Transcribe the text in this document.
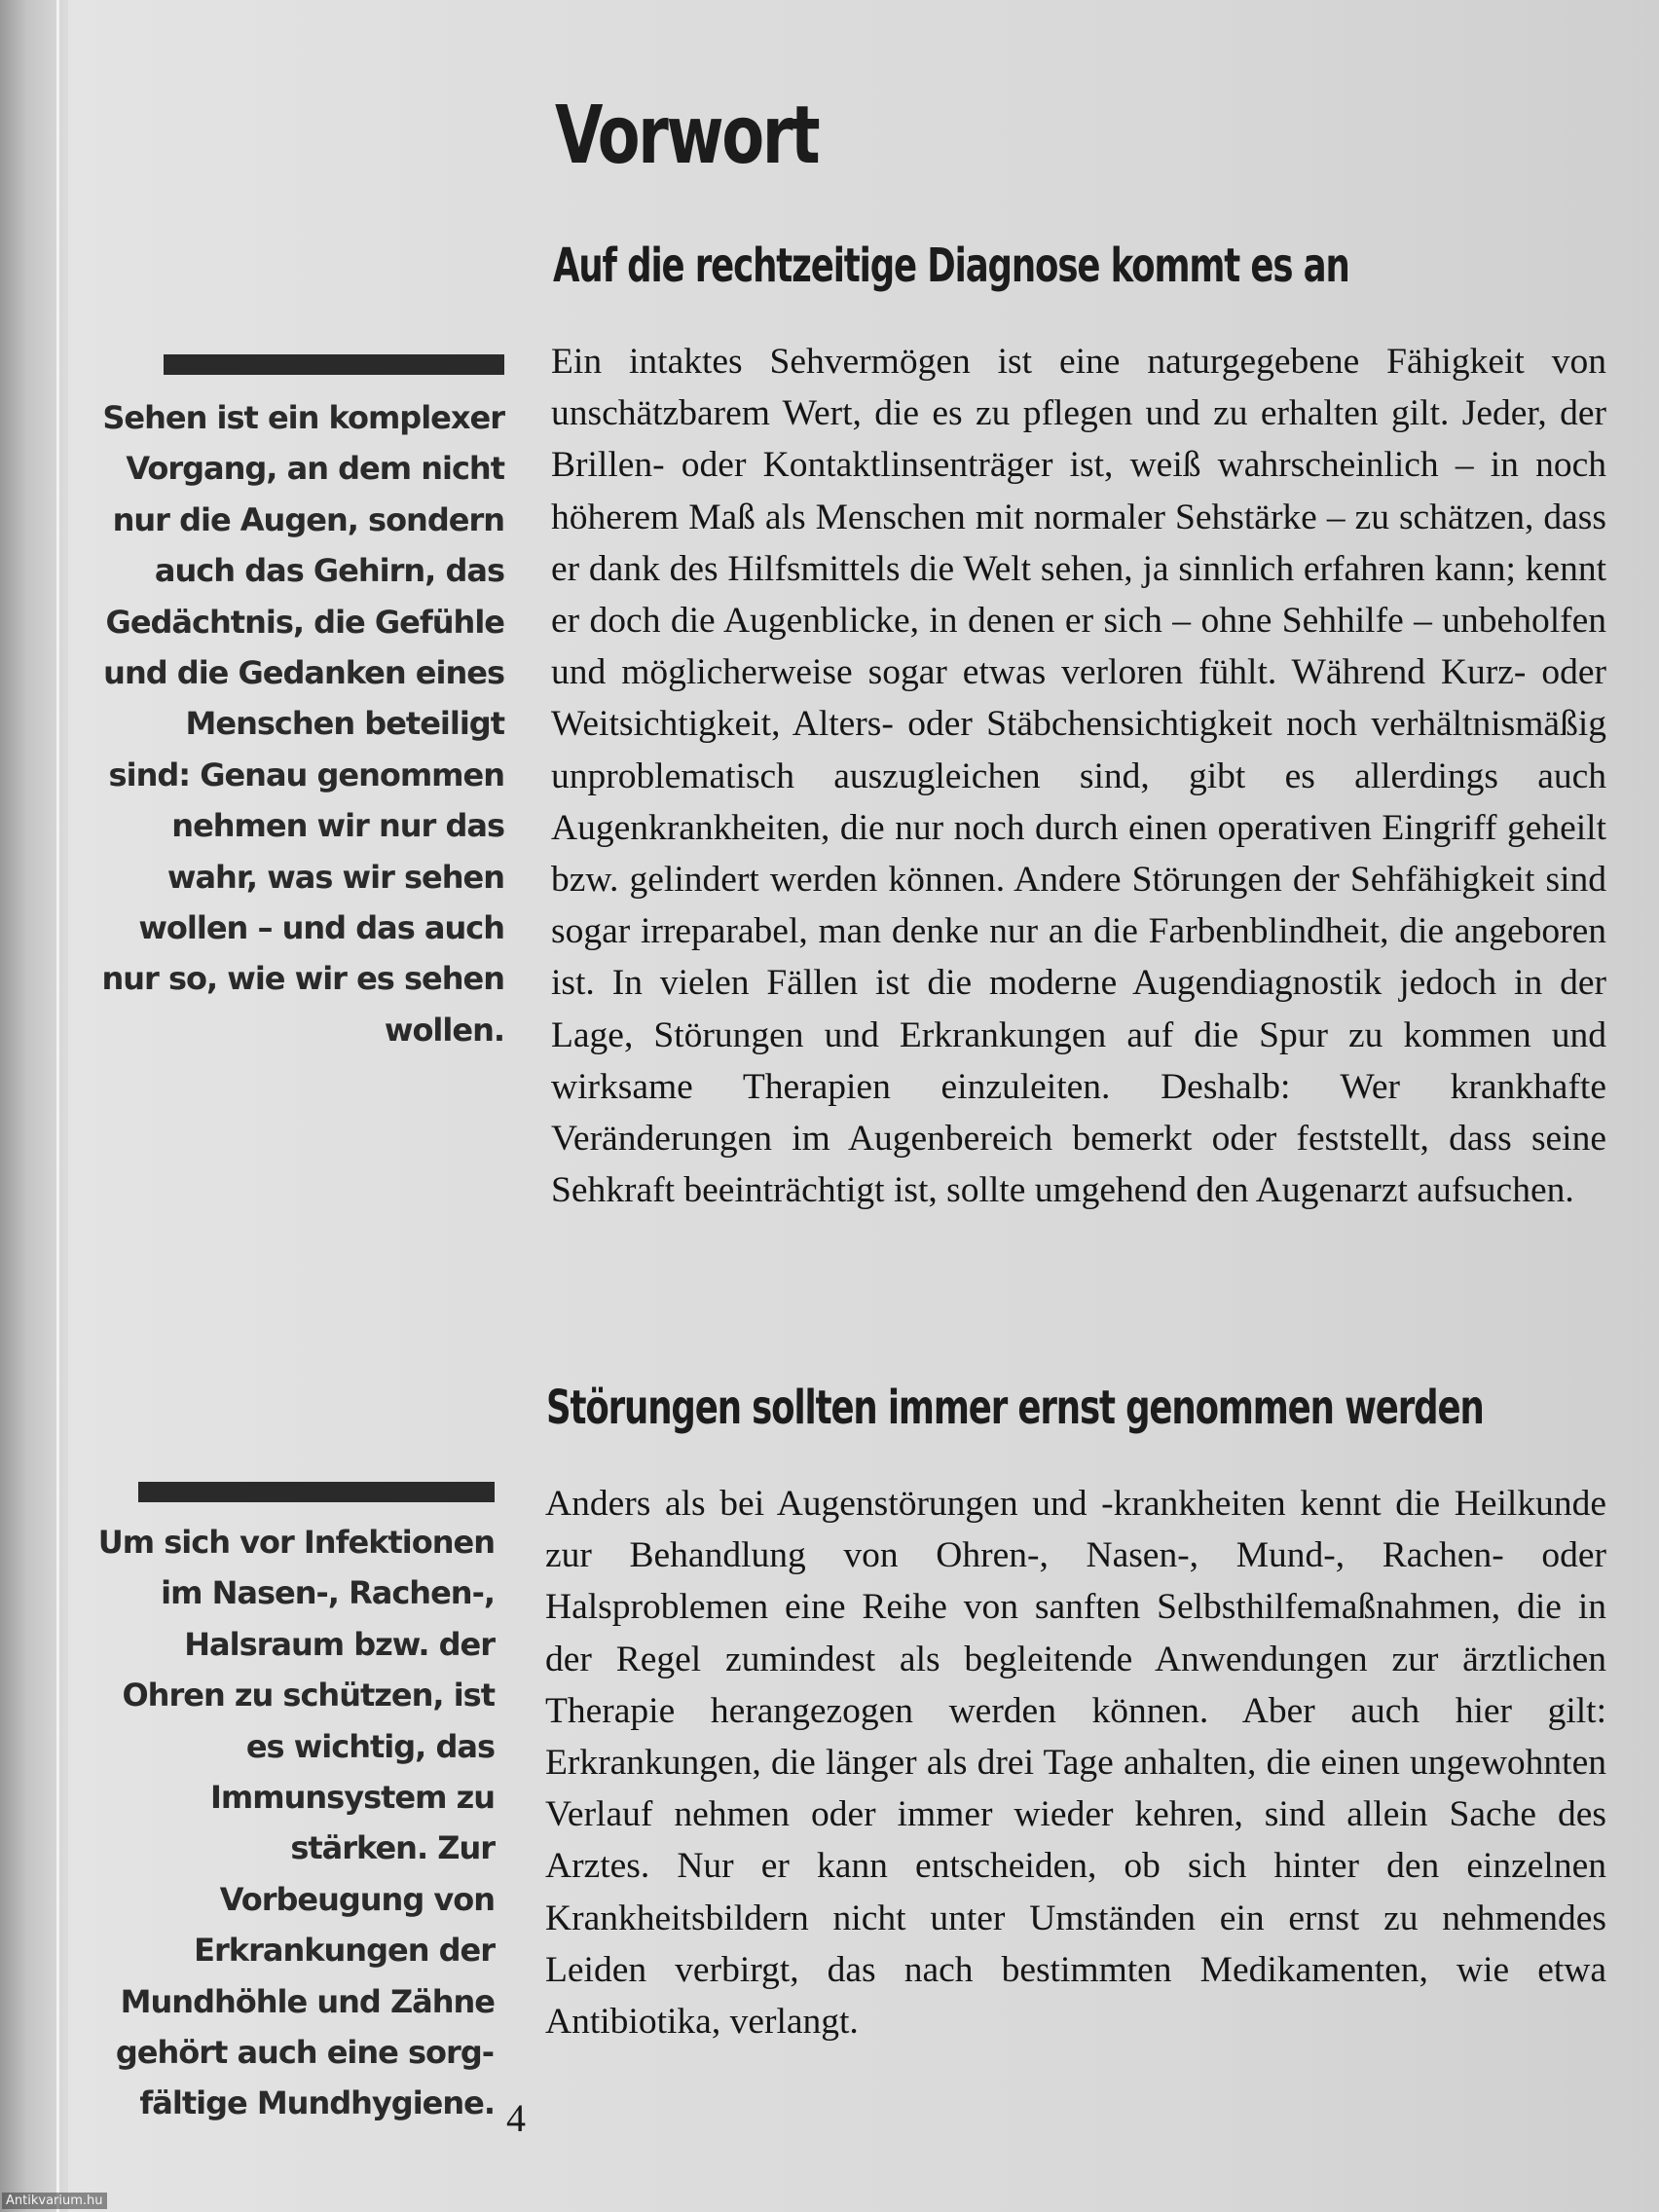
Vorwort
Auf die rechtzeitige Diagnose kommt es an

Ein intaktes Sehvermögen ist eine naturgegebene Fähigkeit von unschätzbarem Wert, die es zu pflegen und zu erhalten gilt. Jeder, der Brillen- oder Kontaktlinsenträger ist, weiß wahrscheinlich – in noch höherem Maß als Menschen mit normaler Sehstärke – zu schätzen, dass er dank des Hilfsmittels die Welt sehen, ja sinnlich erfahren kann; kennt er doch die Augenblicke, in denen er sich – ohne Sehhilfe – unbeholfen und möglicherweise sogar etwas verloren fühlt. Während Kurz- oder Weitsichtigkeit, Alters- oder Stäbchensichtigkeit noch verhältnismäßig unproblematisch auszugleichen sind, gibt es allerdings auch Augenkrankheiten, die nur noch durch einen operativen Eingriff geheilt bzw. gelindert werden können. Andere Störungen der Sehfähigkeit sind sogar irreparabel, man denke nur an die Farbenblindheit, die angeboren ist. In vielen Fällen ist die moderne Augendiagnostik jedoch in der Lage, Störungen und Erkrankungen auf die Spur zu kommen und wirksame Therapien einzuleiten. Deshalb: Wer krankhafte Veränderungen im Augenbereich bemerkt oder feststellt, dass seine Sehkraft beeinträchtigt ist, sollte umgehend den Augenarzt aufsuchen.

Störungen sollten immer ernst genommen werden

Anders als bei Augenstörungen und -krankheiten kennt die Heilkunde zur Behandlung von Ohren-, Nasen-, Mund-, Rachen- oder Halsproblemen eine Reihe von sanften Selbsthilfemaßnahmen, die in der Regel zumindest als begleitende Anwendungen zur ärztlichen Therapie herangezogen werden können. Aber auch hier gilt: Erkrankungen, die länger als drei Tage anhalten, die einen ungewohnten Verlauf nehmen oder immer wieder kehren, sind allein Sache des Arztes. Nur er kann entscheiden, ob sich hinter den einzelnen Krankheitsbildern nicht unter Umständen ein ernst zu nehmendes Leiden verbirgt, das nach bestimmten Medikamenten, wie etwa Antibiotika, verlangt.

Sehen ist ein komplexer Vorgang, an dem nicht nur die Augen, sondern auch das Gehirn, das Gedächtnis, die Gefühle und die Gedanken eines Menschen beteiligt sind: Genau genommen nehmen wir nur das wahr, was wir sehen wollen – und das auch nur so, wie wir es sehen wollen.

Um sich vor Infektionen im Nasen-, Rachen-, Halsraum bzw. der Ohren zu schützen, ist es wichtig, das Immunsystem zu stärken. Zur Vorbeugung von Erkrankungen der Mundhöhle und Zähne gehört auch eine sorgfältige Mundhygiene. 4
Antikvarium.hu
